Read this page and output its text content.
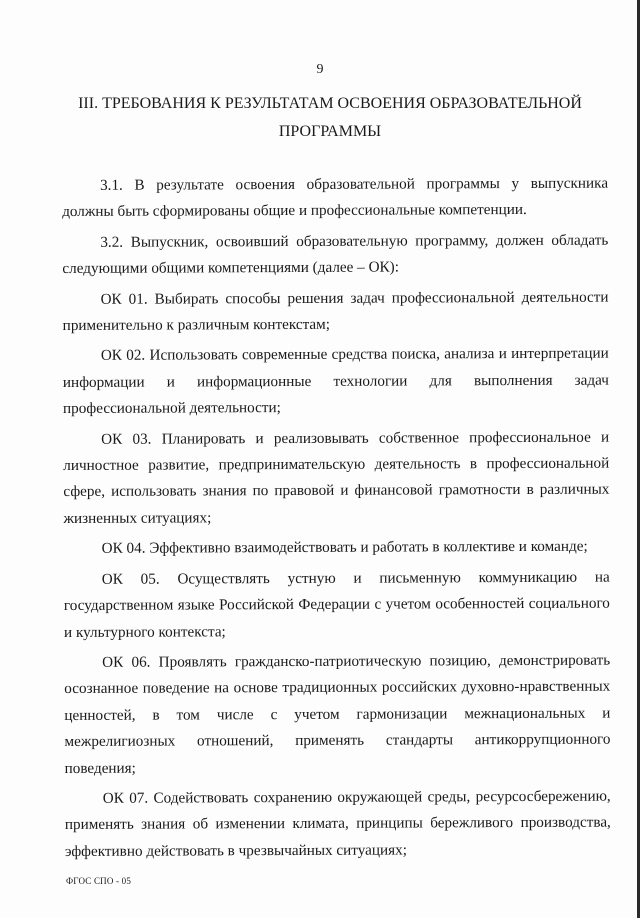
9
III. ТРЕБОВАНИЯ К РЕЗУЛЬТАТАМ ОСВОЕНИЯ ОБРАЗОВАТЕЛЬНОЙ ПРОГРАММЫ

3.1. В результате освоения образовательной программы у выпускника должны быть сформированы общие и профессиональные компетенции.

3.2. Выпускник, освоивший образовательную программу, должен обладать следующими общими компетенциями (далее – ОК):

ОК 01. Выбирать способы решения задач профессиональной деятельности применительно к различным контекстам;

ОК 02. Использовать современные средства поиска, анализа и интерпретации информации и информационные технологии для выполнения задач профессиональной деятельности;

ОК 03. Планировать и реализовывать собственное профессиональное и личностное развитие, предпринимательскую деятельность в профессиональной сфере, использовать знания по правовой и финансовой грамотности в различных жизненных ситуациях;

ОК 04. Эффективно взаимодействовать и работать в коллективе и команде;

ОК 05. Осуществлять устную и письменную коммуникацию на государственном языке Российской Федерации с учетом особенностей социального и культурного контекста;

ОК 06. Проявлять гражданско-патриотическую позицию, демонстрировать осознанное поведение на основе традиционных российских духовно-нравственных ценностей, в том числе с учетом гармонизации межнациональных и межрелигиозных отношений, применять стандарты антикоррупционного поведения;

ОК 07. Содействовать сохранению окружающей среды, ресурсосбережению, применять знания об изменении климата, принципы бережливого производства, эффективно действовать в чрезвычайных ситуациях;

ФГОС СПО - 05
